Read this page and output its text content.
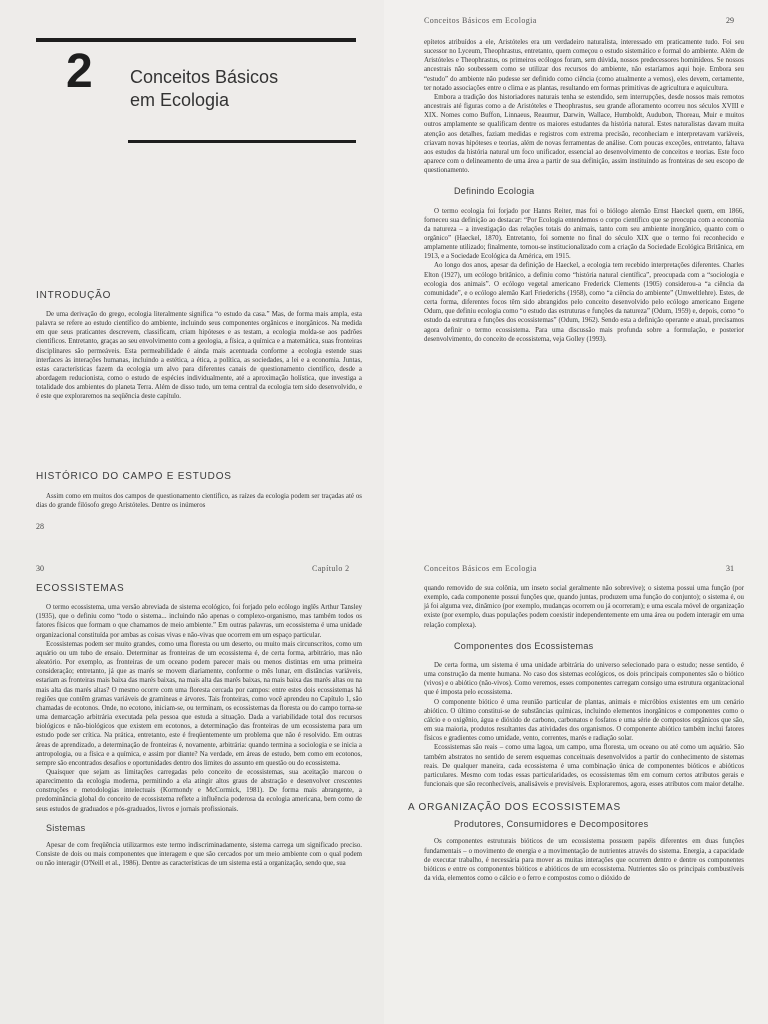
2 Conceitos Básicos
em Ecologia
INTRODUÇÃO

De uma derivação do grego, ecologia literalmente significa “o estudo da casa.” Mas, de forma mais ampla, esta palavra se refere ao estudo científico do ambiente, incluindo seus componentes orgânicos e inorgânicos. Na medida em que seus praticantes descrevem, classificam, criam hipóteses e as testam, a ecologia molda-se aos padrões científicos. Entretanto, graças ao seu envolvimento com a geologia, a física, a química e a matemática, suas fronteiras disciplinares são permeáveis. Esta permeabilidade é ainda mais acentuada conforme a ecologia estende suas interfaces às interações humanas, incluindo a estética, a ética, a política, as sociedades, a lei e a economia. Juntas, estas características fazem da ecologia um alvo para diferentes canais de questionamento científico, desde a abordagem reducionista, como o estudo de espécies individualmente, até a aproximação holística, que investiga a totalidade dos ambientes do planeta Terra. Além de disso tudo, um tema central da ecologia tem sido desenvolvido, e é este que exploraremos na seqüência deste capítulo.

HISTÓRICO DO CAMPO E ESTUDOS

Assim como em muitos dos campos de questionamento científico, as raízes da ecologia podem ser traçadas até os dias do grande filósofo grego Aristóteles. Dentre os inúmeros

28
Conceitos Básicos em Ecologia	29

epítetos atribuídos a ele, Aristóteles era um verdadeiro naturalista, interessado em praticamente tudo. Foi seu sucessor no Lyceum, Theophrastus, entretanto, quem começou o estudo sistemático e formal do ambiente. Além de Aristóteles e Theophrastus, os primeiros ecólogos foram, sem dúvida, nossos predecessores hominídeos. Se nossos ancestrais não soubessem como se utilizar dos recursos do ambiente, não estaríamos aqui hoje. Embora seu “estudo” do ambiente não pudesse ser definido como ciência (como atualmente a vemos), eles devem, certamente, ter notado associações entre o clima e as plantas, resultando em formas primitivas de agricultura e aquicultura.

Embora a tradição dos historiadores naturais tenha se estendido, sem interrupções, desde nossos mais remotos ancestrais até figuras como a de Aristóteles e Theophrastus, seu grande afloramento ocorreu nos séculos XVIII e XIX. Nomes como Buffon, Linnaeus, Reaumur, Darwin, Wallace, Humboldt, Audubon, Thoreau, Muir e muitos outros amplamente se qualificam dentre os maiores estudantes da história natural. Estes naturalistas davam muita atenção aos detalhes, faziam medidas e registros com extrema precisão, reconheciam e interpretavam variáveis, criavam novas hipóteses e teorias, além de novas ferramentas de análise. Com poucas exceções, entretanto, faltava aos estudos da história natural um foco unificador, essencial ao desenvolvimento de conceitos e teorias. Este foco aparece com o delineamento de uma área a partir de sua definição, assim instituindo as fronteiras de seu escopo de questionamento.

Definindo Ecologia

O termo ecologia foi forjado por Hanns Reiter, mas foi o biólogo alemão Ernst Haeckel quem, em 1866, forneceu sua definição ao destacar: “Por Ecologia entendemos o corpo científico que se preocupa com a economia da natureza – a investigação das relações totais do animais, tanto com seu ambiente inorgânico, quanto com o orgânico” (Haeckel, 1870). Entretanto, foi somente no final do século XIX que o termo foi reconhecido e amplamente utilizado; finalmente, tornou-se institucionalizado com a criação da Sociedade Ecológica Britânica, em 1913, e a Sociedade Ecológica da América, em 1915.

Ao longo dos anos, apesar da definição de Haeckel, a ecologia tem recebido interpretações diferentes. Charles Elton (1927), um ecólogo britânico, a definiu como “história natural científica”, preocupada com a “sociologia e ecologia dos animais”. O ecólogo vegetal americano Frederick Clements (1905) considerou-a “a ciência da comunidade”, e o ecólogo alemão Karl Friederichs (1958), como “a ciência do ambiente” (Umweltlehre). Estes, de certa forma, diferentes focos têm sido abrangidos pelo conceito desenvolvido pelo ecólogo americano Eugene Odum, que definiu ecologia como “o estudo das estruturas e funções da natureza” (Odum, 1959) e, depois, como “o estudo da estrutura e funções dos ecossistemas” (Odum, 1962). Sendo esta a definição operante e atual, precisamos agora definir o termo ecossistema. Para uma discussão mais profunda sobre a formulação, e posterior desenvolvimento, do conceito de ecossistema, veja Golley (1993).

30	Capítulo 2
ECOSSISTEMAS

O termo ecossistema, uma versão abreviada de sistema ecológico, foi forjado pelo ecólogo inglês Arthur Tansley (1935), que o definiu como “todo o sistema... incluindo não apenas o complexo-organismo, mas também todos os fatores físicos que formam o que chamamos de meio ambiente.” Em outras palavras, um ecossistema é uma unidade organizacional constituída por ambas as coisas vivas e não-vivas que ocorrem em um espaço particular.

Ecossistemas podem ser muito grandes, como uma floresta ou um deserto, ou muito mais circunscritos, como um aquário ou um tubo de ensaio. Determinar as fronteiras de um ecossistema é, de certa forma, arbitrário, mas não aleatório. Por exemplo, as fronteiras de um oceano podem parecer mais ou menos distintas em uma primeira consideração; entretanto, já que as marés se movem diariamente, conforme o mês lunar, em distâncias variáveis, estariam as fronteiras mais baixa das marés baixas, na mais alta das marés baixas, na mais baixa das marés altas ou na mais alta das marés altas? O mesmo ocorre com uma floresta cercada por campos: entre estes dois ecossistemas há regiões que contêm gramas variáveis de gramíneas e árvores. Tais fronteiras, como você aprendeu no Capítulo 1, são chamadas de ecotonos. Onde, no ecotono, iniciam-se, ou terminam, os ecossistemas da floresta ou do campo torna-se uma demarcação arbitrária executada pela pessoa que estuda a situação. Dada a variabilidade total dos recursos biológicos e não-biológicos que existem em ecotonos, a determinação das fronteiras de um ecossistema para um estudo pode ser crítica. Na prática, entretanto, este é freqüentemente um problema que não é resolvido. Em outras áreas de aprendizado, a determinação de fronteiras é, novamente, arbitrária: quando termina a sociologia e se inicia a antropologia, ou a física e a química, e assim por diante? Na verdade, em áreas de estudo, bem como em ecotonos, sempre são encontrados desafios e oportunidades dentro dos limites do assunto em questão ou do ecossistema.

Quaisquer que sejam as limitações carregadas pelo conceito de ecossistemas, sua aceitação marcou o aparecimento da ecologia moderna, permitindo a ela atingir altos graus de abstração e desenvolver crescentes construções e metodologias intelectuais (Kormondy e McCormick, 1981). De forma mais abrangente, a predominância global do conceito de ecossistema reflete a influência poderosa da ecologia americana, bem como de seus estudos de graduados e pós-graduados, livros e jornais profissionais.

Sistemas

Apesar de com freqüência utilizarmos este termo indiscriminadamente, sistema carrega um significado preciso. Consiste de dois ou mais componentes que interagem e que são cercados por um meio ambiente com o qual podem ou não interagir (O'Neill et al., 1986). Dentre as características de um sistema está a organização, sendo que, sua

Conceitos Básicos em Ecologia	31

quando removido de sua colônia, um inseto social geralmente não sobrevive); o sistema possui uma função (por exemplo, cada componente possui funções que, quando juntas, produzem uma função do conjunto); o sistema é, ou já foi alguma vez, dinâmico (por exemplo, mudanças ocorrem ou já ocorreram); e uma escala móvel de organização existe (por exemplo, duas populações podem coexistir independentemente em uma área ou podem interagir em uma relação complexa).

Componentes dos Ecossistemas

De certa forma, um sistema é uma unidade arbitrária do universo selecionado para o estudo; nesse sentido, é uma construção da mente humana. No caso dos sistemas ecológicos, os dois principais componentes são o biótico (vivos) e o abiótico (não-vivos). Como veremos, esses componentes carregam consigo uma estrutura organizacional que é imposta pelo ecossistema.

O componente biótico é uma reunião particular de plantas, animais e micróbios existentes em um cenário abiótico. O último constitui-se de substâncias químicas, incluindo elementos inorgânicos e componentes como o cálcio e o oxigênio, água e dióxido de carbono, carbonatos e fosfatos e uma série de compostos orgânicos que são, em sua maioria, produtos resultantes das atividades dos organismos. O componente abiótico também inclui fatores físicos e gradientes como umidade, vento, correntes, marés e radiação solar.

Ecossistemas são reais – como uma lagoa, um campo, uma floresta, um oceano ou até como um aquário. São também abstratos no sentido de serem esquemas conceituais desenvolvidos a partir do conhecimento de sistemas reais. De qualquer maneira, cada ecossistema é uma combinação única de componentes bióticos e abióticos particulares. Mesmo com todas essas particularidades, os ecossistemas têm em comum certos atributos gerais e funcionais que são reconhecíveis, analisáveis e previsíveis. Exploraremos, agora, esses atributos com maior detalhe.

A ORGANIZAÇÃO DOS ECOSSISTEMAS
Produtores, Consumidores e Decompositores

Os componentes estruturais bióticos de um ecossistema possuem papéis diferentes em duas funções fundamentais – o movimento de energia e a movimentação de nutrientes através do sistema. Energia, a capacidade de executar trabalho, é necessária para mover as muitas interações que ocorrem dentro e dentre os componentes bióticos e entre os componentes bióticos e abióticos de um ecossistema. Nutrientes são os principais combustíveis da vida, elementos como o cálcio e o ferro e compostos como o dióxido de
